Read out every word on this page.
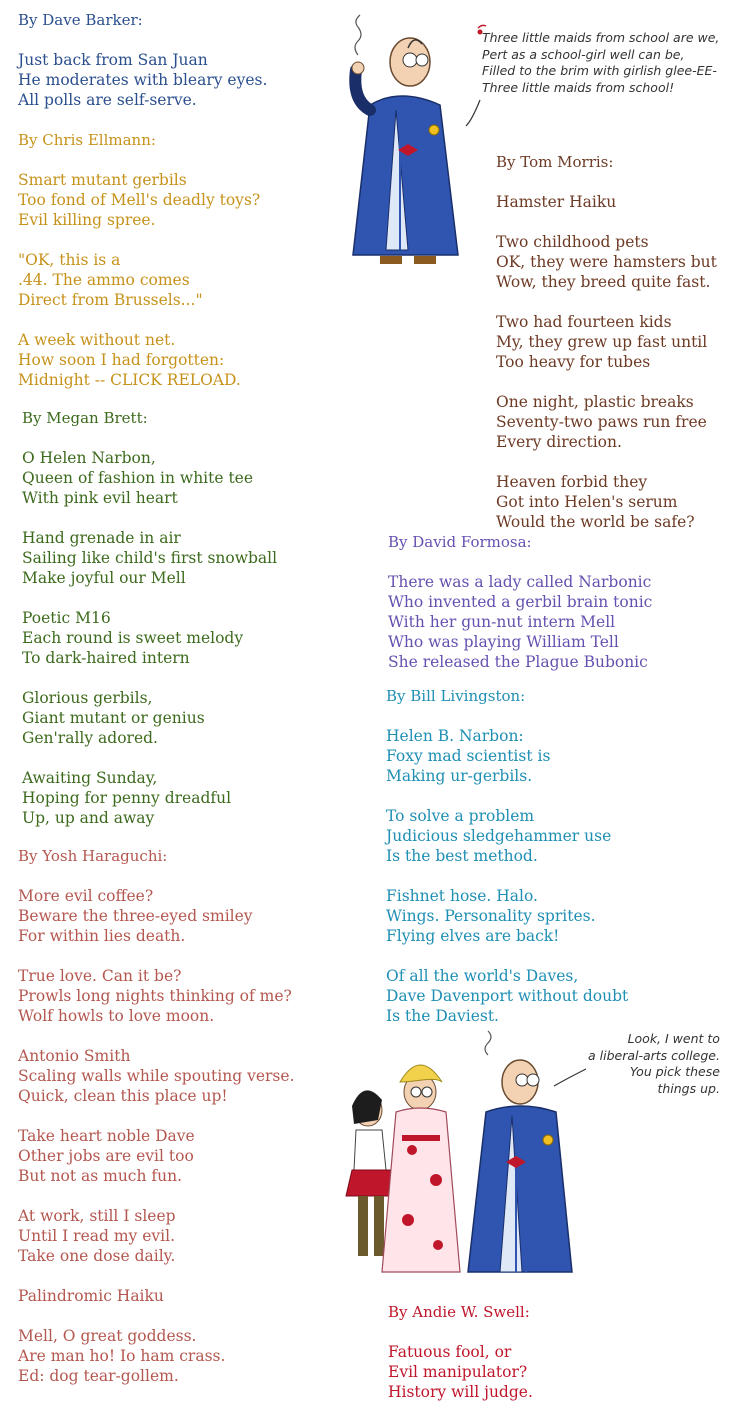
By Dave Barker:
Just back from San Juan
He moderates with bleary eyes.
All polls are self-serve.
By Chris Ellmann:
Smart mutant gerbils
Too fond of Mell's deadly toys?
Evil killing spree.
"OK, this is a
.44. The ammo comes
Direct from Brussels..."
A week without net.
How soon I had forgotten:
Midnight -- CLICK RELOAD.
By Megan Brett:
O Helen Narbon,
Queen of fashion in white tee
With pink evil heart
Hand grenade in air
Sailing like child's first snowball
Make joyful our Mell
Poetic M16
Each round is sweet melody
To dark-haired intern
Glorious gerbils,
Giant mutant or genius
Gen'rally adored.
Awaiting Sunday,
Hoping for penny dreadful
Up, up and away
By Yosh Haraguchi:
More evil coffee?
Beware the three-eyed smiley
For within lies death.
True love. Can it be?
Prowls long nights thinking of me?
Wolf howls to love moon.
Antonio Smith
Scaling walls while spouting verse.
Quick, clean this place up!
Take heart noble Dave
Other jobs are evil too
But not as much fun.
At work, still I sleep
Until I read my evil.
Take one dose daily.
Palindromic Haiku
Mell, O great goddess.
Are man ho! Io ham crass.
Ed: dog tear-gollem.
By Tom Morris:
Hamster Haiku
Two childhood pets
OK, they were hamsters but
Wow, they breed quite fast.
Two had fourteen kids
My, they grew up fast until
Too heavy for tubes
One night, plastic breaks
Seventy-two paws run free
Every direction.
Heaven forbid they
Got into Helen's serum
Would the world be safe?
By David Formosa:
There was a lady called Narbonic
Who invented a gerbil brain tonic
With her gun-nut intern Mell
Who was playing William Tell
She released the Plague Bubonic
By Bill Livingston:
Helen B. Narbon:
Foxy mad scientist is
Making ur-gerbils.
To solve a problem
Judicious sledgehammer use
Is the best method.
Fishnet hose. Halo.
Wings. Personality sprites.
Flying elves are back!
Of all the world's Daves,
Dave Davenport without doubt
Is the Daviest.
By Andie W. Swell:
Fatuous fool, or
Evil manipulator?
History will judge.
Three little maids from school are we,
Pert as a school-girl well can be,
Filled to the brim with girlish glee-EE-
Three little maids from school!
Look, I went to
a liberal-arts college.
You pick these
things up.
